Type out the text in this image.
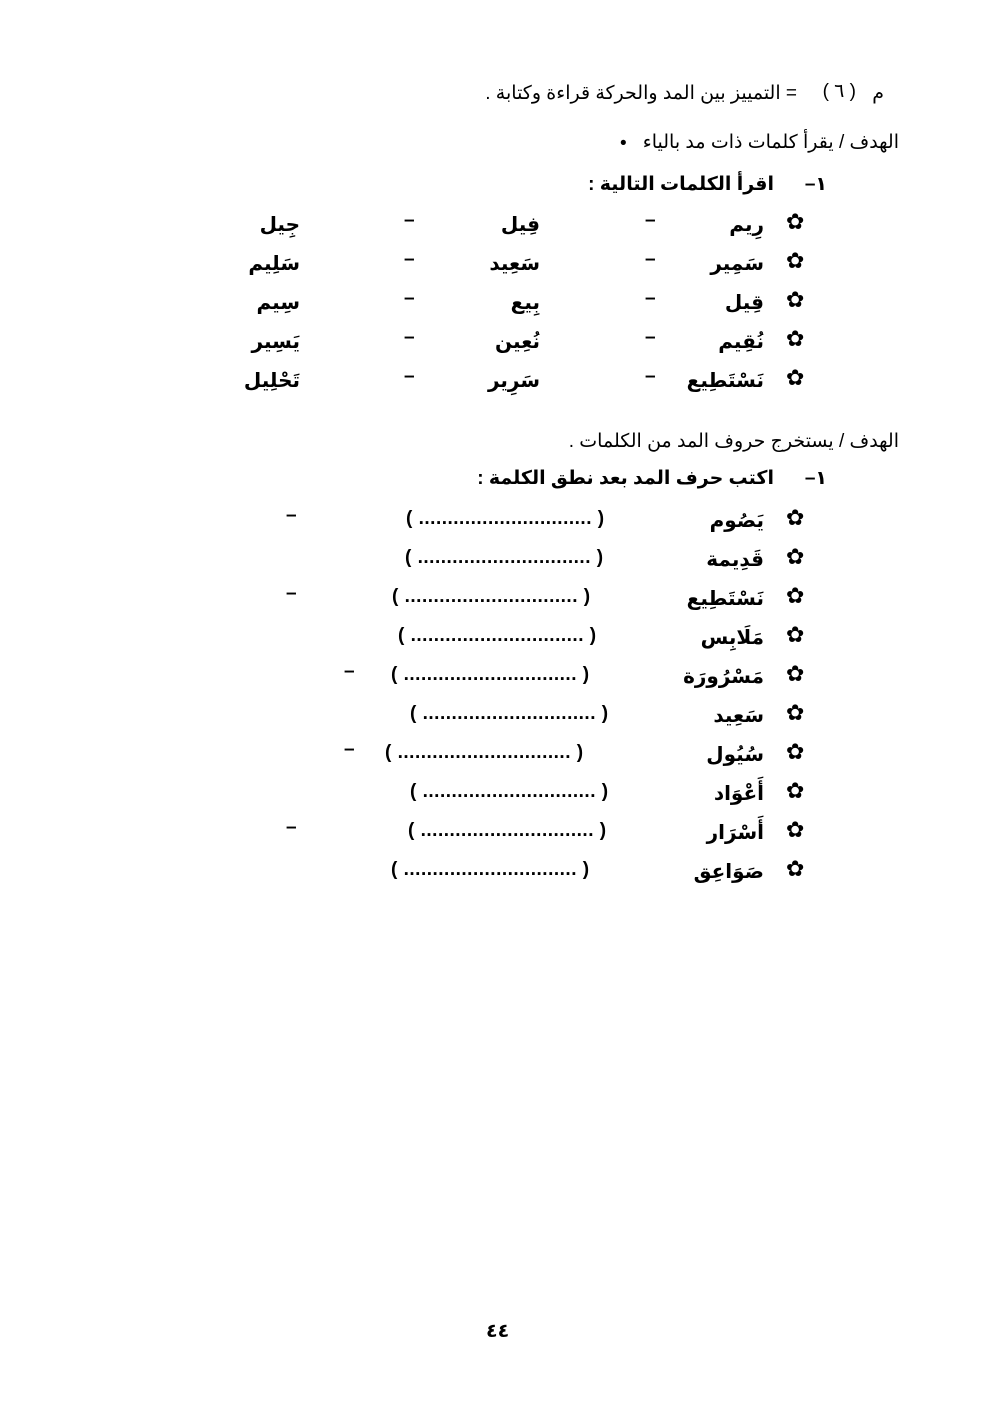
م
( ٦ )
= التمييز بين المد والحركة قراءة وكتابة .
الهدف / يقرأ كلمات ذات مد بالياء
•
١–
اقرأ الكلمات التالية :
✿
رِيم
–
فِيل
–
جِيل
✿
سَمِير
–
سَعِيد
–
سَلِيم
✿
قِيل
–
بِيع
–
سِيم
✿
نُقِيم
–
نُعِين
–
يَسِير
✿
نَسْتَطِيع
–
سَرِير
–
تَحْلِيل
الهدف / يستخرج حروف المد من الكلمات .
١–
اكتب حرف المد بعد نطق الكلمة :
✿
يَصُوم
( .............................. )
–
✿
قَدِيمة
( .............................. )
✿
نَسْتَطِيع
( .............................. )
–
✿
مَلَابِس
( .............................. )
✿
مَسْرُورَة
( .............................. )
–
✿
سَعِيد
( .............................. )
✿
سُيُول
( .............................. )
–
✿
أَعْوَاد
( .............................. )
✿
أَسْرَار
( .............................. )
–
✿
صَوَاعِق
( .............................. )
٤٤
